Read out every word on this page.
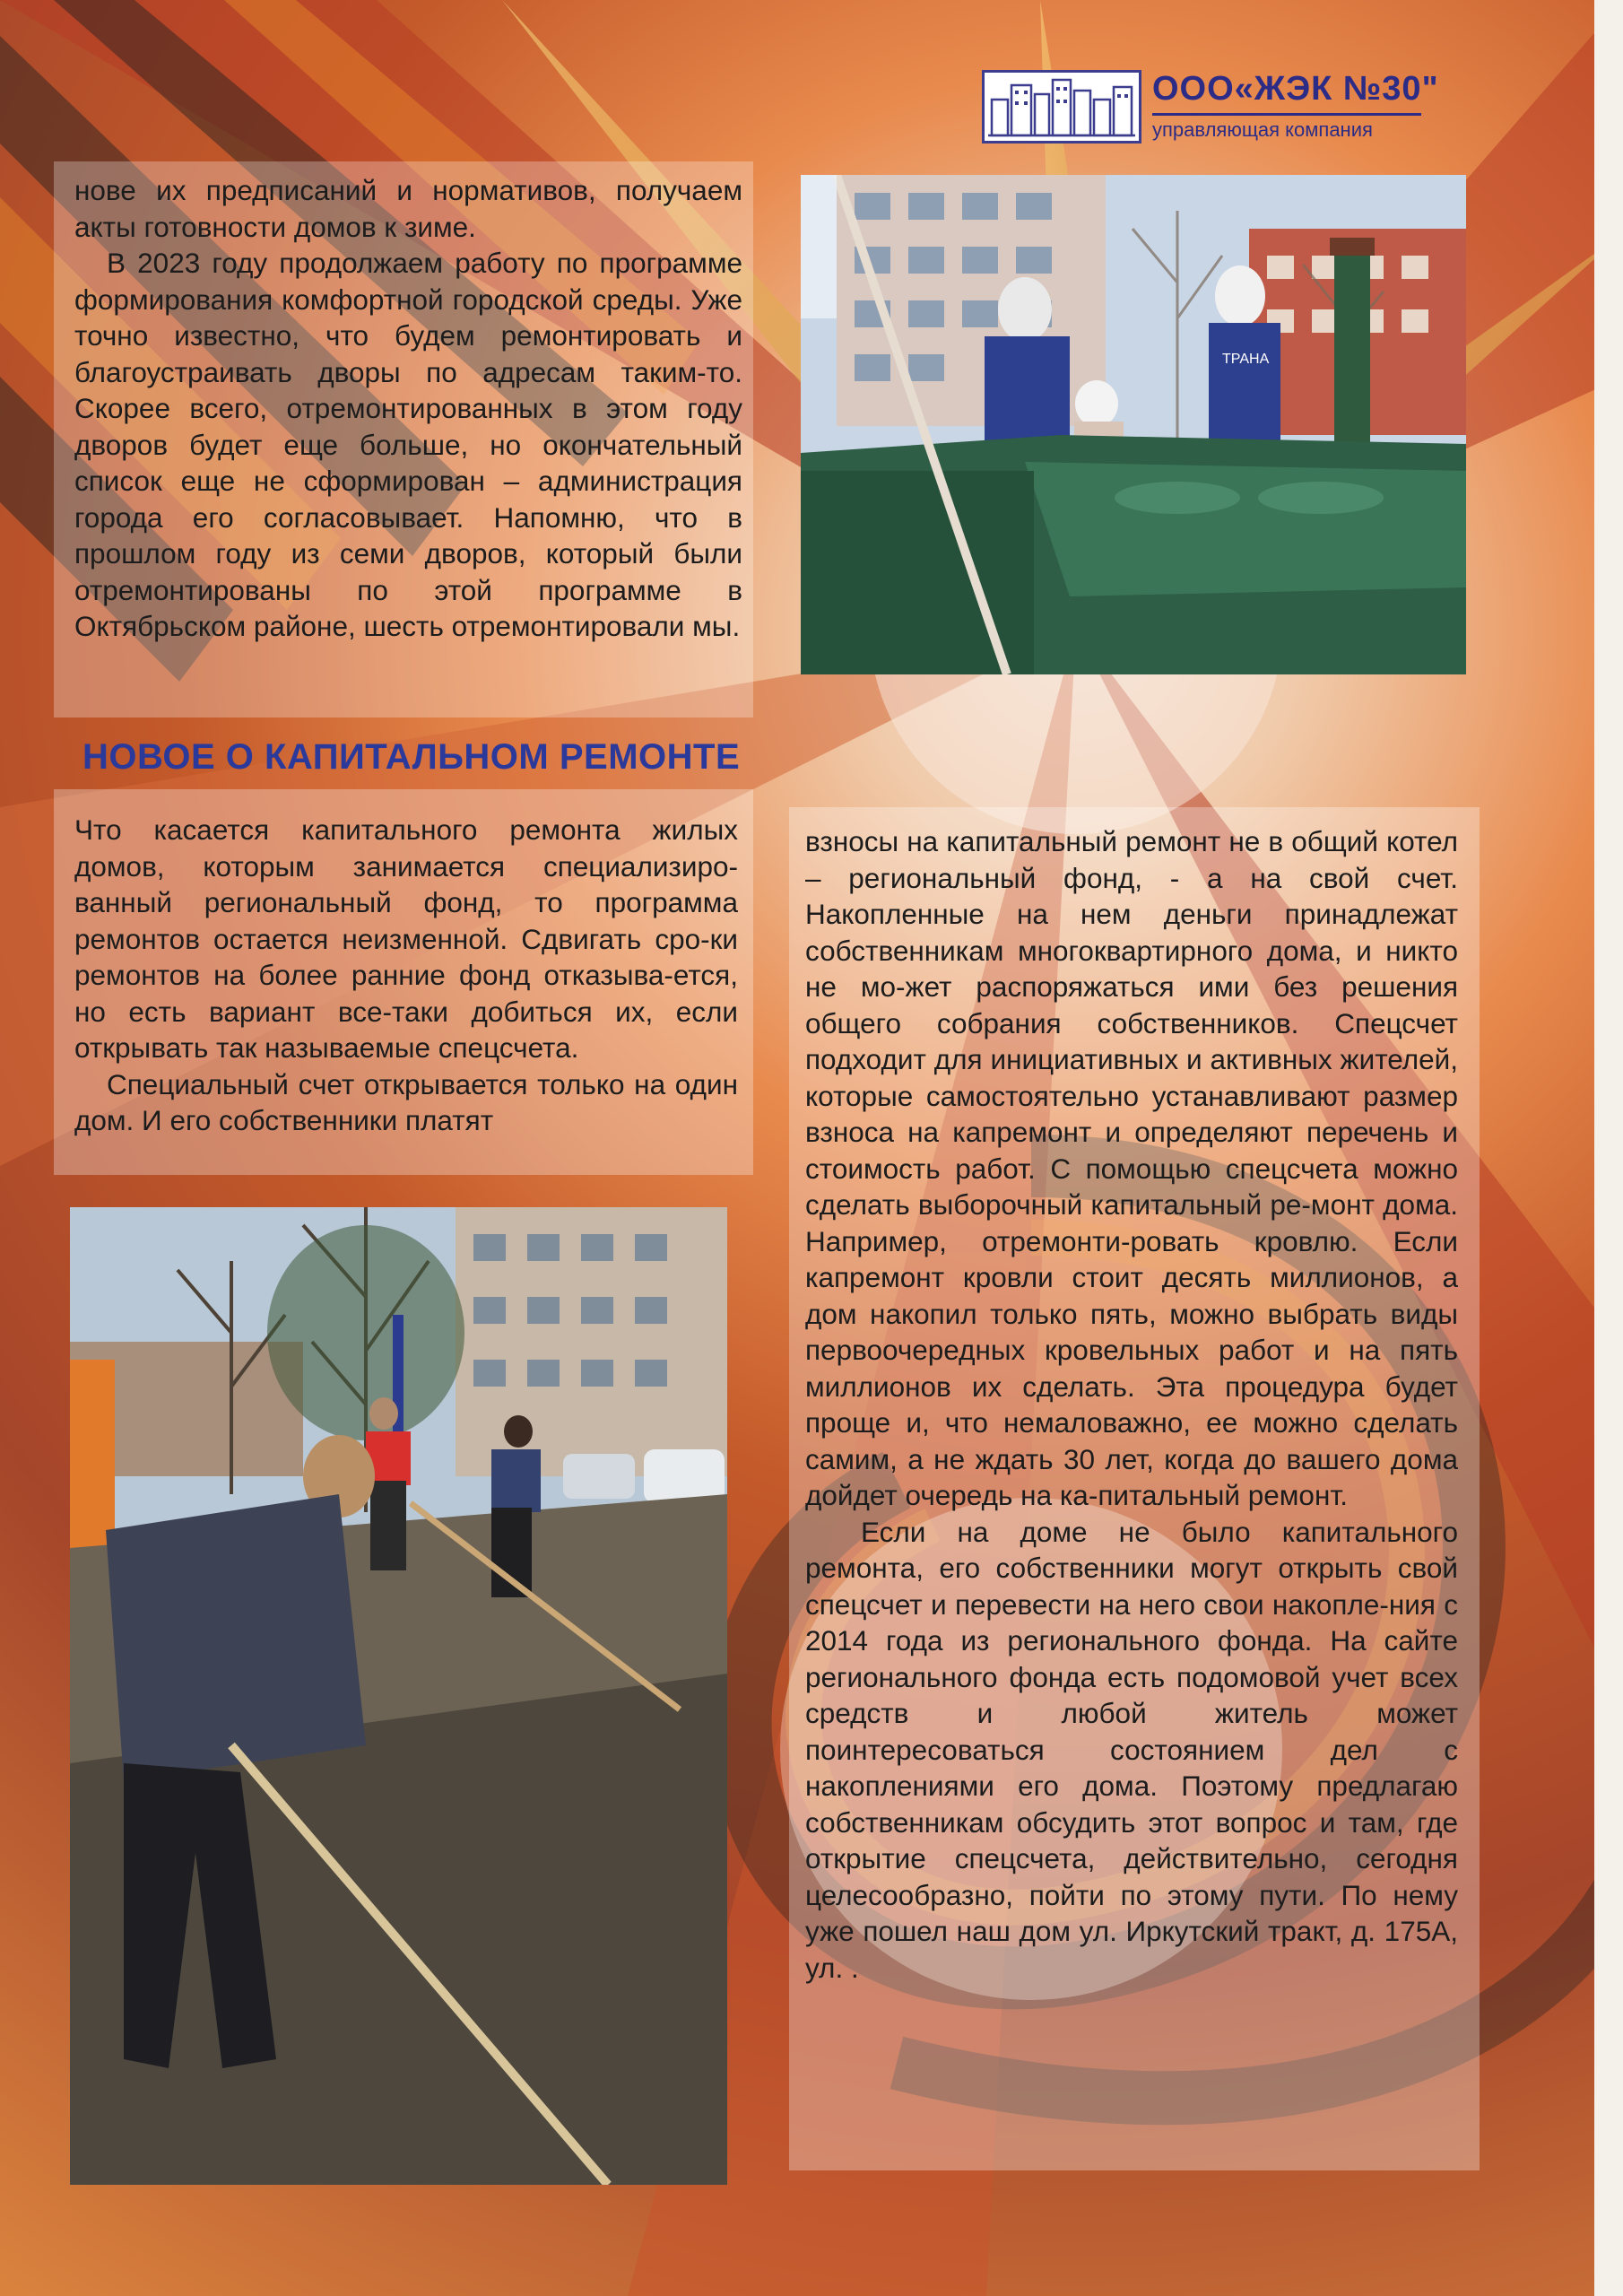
ООО«ЖЭК №30"
управляющая компания

нове их предписаний и нормативов, получаем акты готовности домов к зиме.

В 2023 году продолжаем работу по программе формирования комфортной городской среды. Уже точно известно, что будем ремонтировать и благоустраивать дворы по адресам таким-то. Скорее всего, отремонтированных в этом году дворов будет еще больше, но окончательный список еще не сформирован – администрация города его согласовывает. Напомню, что в прошлом году из семи дворов, который были отремонтированы по этой программе в Октябрьском районе, шесть отремонтировали мы.

ТРАНА
НОВОЕ О КАПИТАЛЬНОМ РЕМОНТЕ

Что касается капитального ремонта жилых домов, которым занимается специализиро-ванный региональный фонд, то программа ремонтов остается неизменной. Сдвигать сро-ки ремонтов на более ранние фонд отказыва-ется, но есть вариант все-таки добиться их, если открывать так называемые спецсчета.

Специальный счет открывается только на один дом. И его собственники платят

взносы на капитальный ремонт не в общий котел – региональный фонд, - а на свой счет. Накопленные на нем деньги принадлежат собственникам многоквартирного дома, и никто не мо-жет распоряжаться ими без решения общего собрания собственников. Спецсчет подходит для инициативных и активных жителей, которые самостоятельно устанавливают размер взноса на капремонт и определяют перечень и стоимость работ. С помощью спецсчета можно сделать выборочный капитальный ре-монт дома. Например, отремонти-ровать кровлю. Если капремонт кровли стоит десять миллионов, а дом накопил только пять, можно выбрать виды первоочередных кровельных работ и на пять миллионов их сделать. Эта процедура будет проще и, что немаловажно, ее можно сделать самим, а не ждать 30 лет, когда до вашего дома дойдет очередь на ка-питальный ремонт.

Если на доме не было капитального ремонта, его собственники могут открыть свой спецсчет и перевести на него свои накопле-ния с 2014 года из регионального фонда. На сайте регионального фонда есть подомовой учет всех средств и любой житель может поинтересоваться состоянием дел с накоплениями его дома. Поэтому предлагаю собственникам обсудить этот вопрос и там, где открытие спецсчета, действительно, сегодня целесообразно, пойти по этому пути. По нему уже пошел наш дом ул. Иркутский тракт, д. 175А, ул. .
